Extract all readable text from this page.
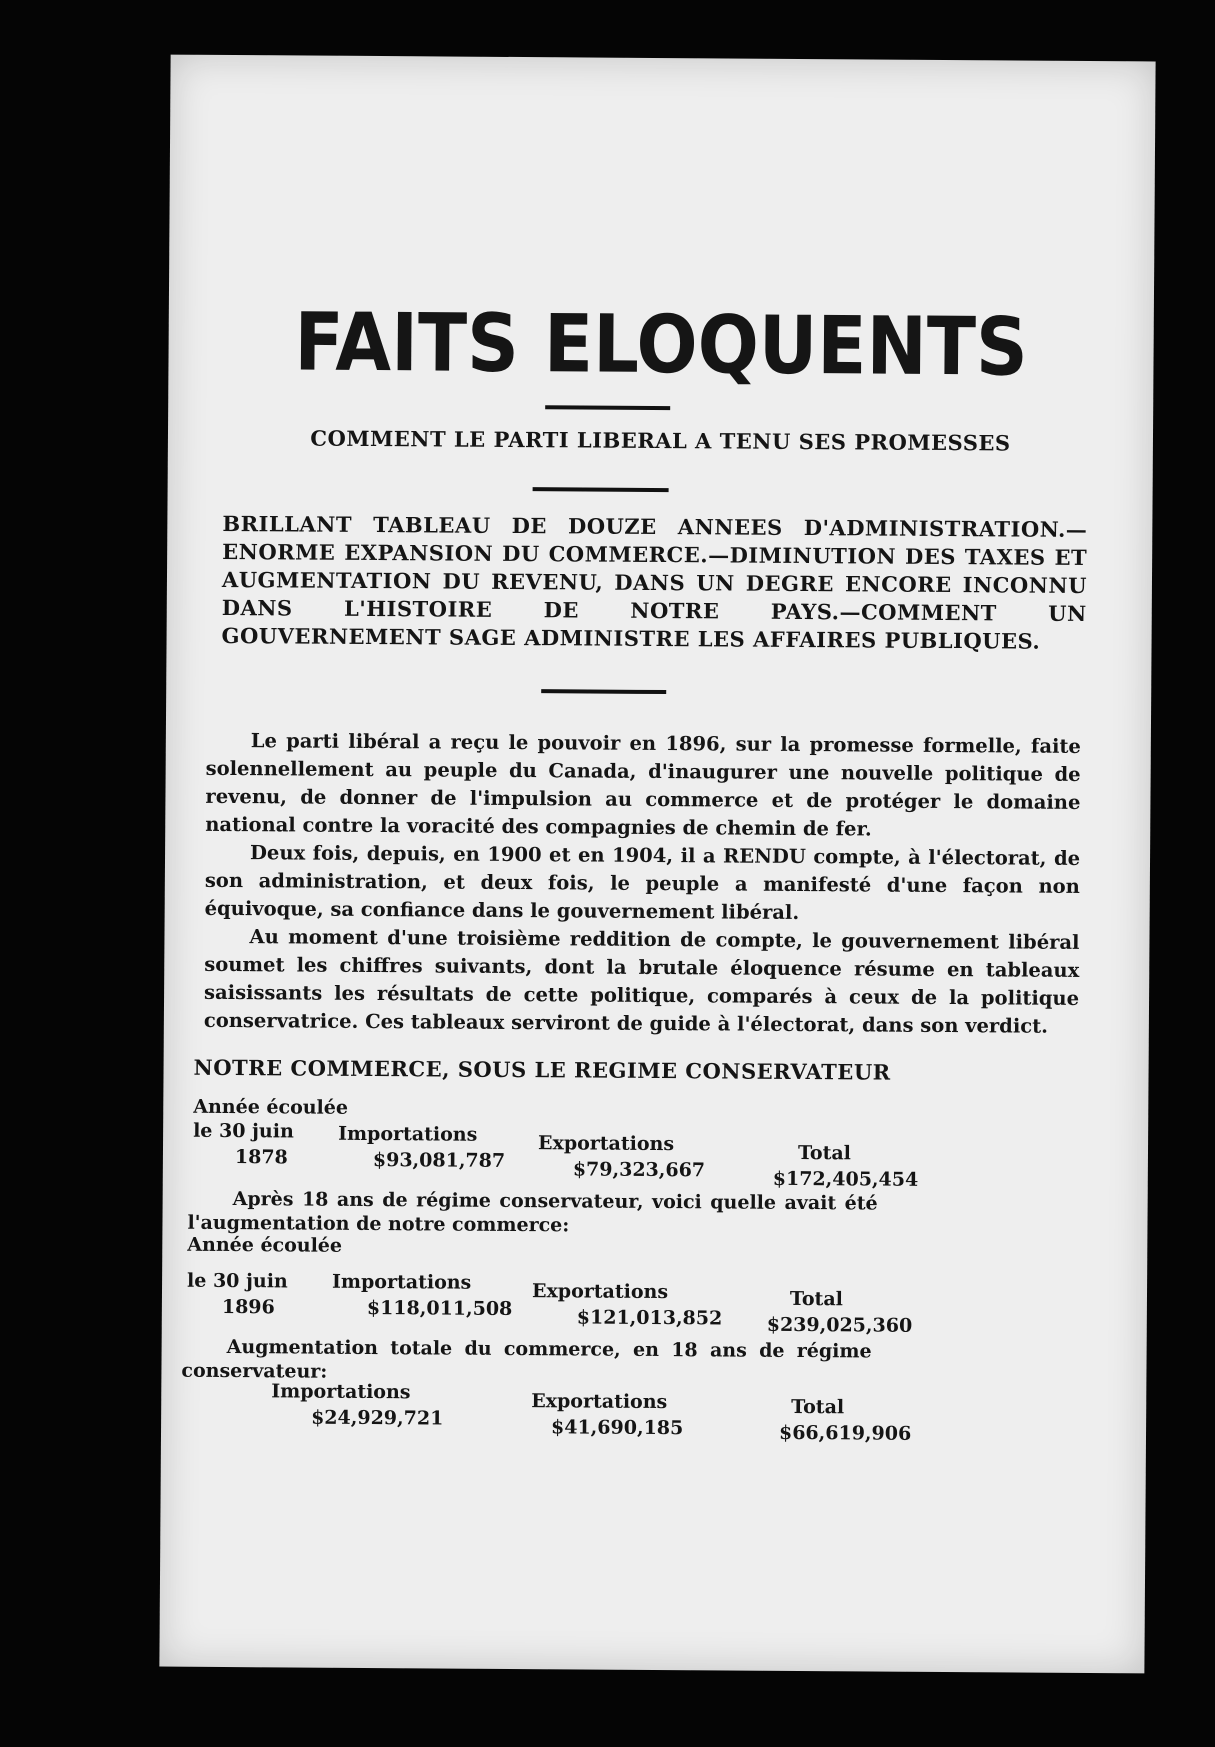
FAITS ELOQUENTS
COMMENT LE PARTI LIBERAL A TENU SES PROMESSES
BRILLANT TABLEAU DE DOUZE ANNEES D'ADMINISTRATION.—ENORME EXPANSION DU COMMERCE.—DIMINUTION DES TAXES ET AUGMENTATION DU REVENU, DANS UN DEGRE ENCORE INCONNU DANS L'HISTOIRE DE NOTRE PAYS.—COMMENT UN GOUVERNEMENT SAGE ADMINISTRE LES AFFAIRES PUBLIQUES.

Le parti libéral a reçu le pouvoir en 1896, sur la promesse formelle, faite solennellement au peuple du Canada, d'inaugurer une nouvelle politique de revenu, de donner de l'impulsion au commerce et de protéger le domaine national contre la voracité des compagnies de chemin de fer.

Deux fois, depuis, en 1900 et en 1904, il a RENDU compte, à l'électorat, de son administration, et deux fois, le peuple a manifesté d'une façon non équivoque, sa confiance dans le gouvernement libéral.

Au moment d'une troisième reddition de compte, le gouvernement libéral soumet les chiffres suivants, dont la brutale éloquence résume en tableaux saisissants les résultats de cette politique, comparés à ceux de la politique conservatrice. Ces tableaux serviront de guide à l'électorat, dans son verdict.

NOTRE COMMERCE, SOUS LE REGIME CONSERVATEUR
Année écoulée
le 30 juin
1878
Importations
$93,081,787
Exportations
$79,323,667
Total
$172,405,454
Après 18 ans de régime conservateur, voici quelle avait été l'augmentation de notre commerce:
Année écoulée
le 30 juin
1896
Importations
$118,011,508
Exportations
$121,013,852
Total
$239,025,360
Augmentation totale du commerce, en 18 ans de régime conservateur:
Importations
$24,929,721
Exportations
$41,690,185
Total
$66,619,906
